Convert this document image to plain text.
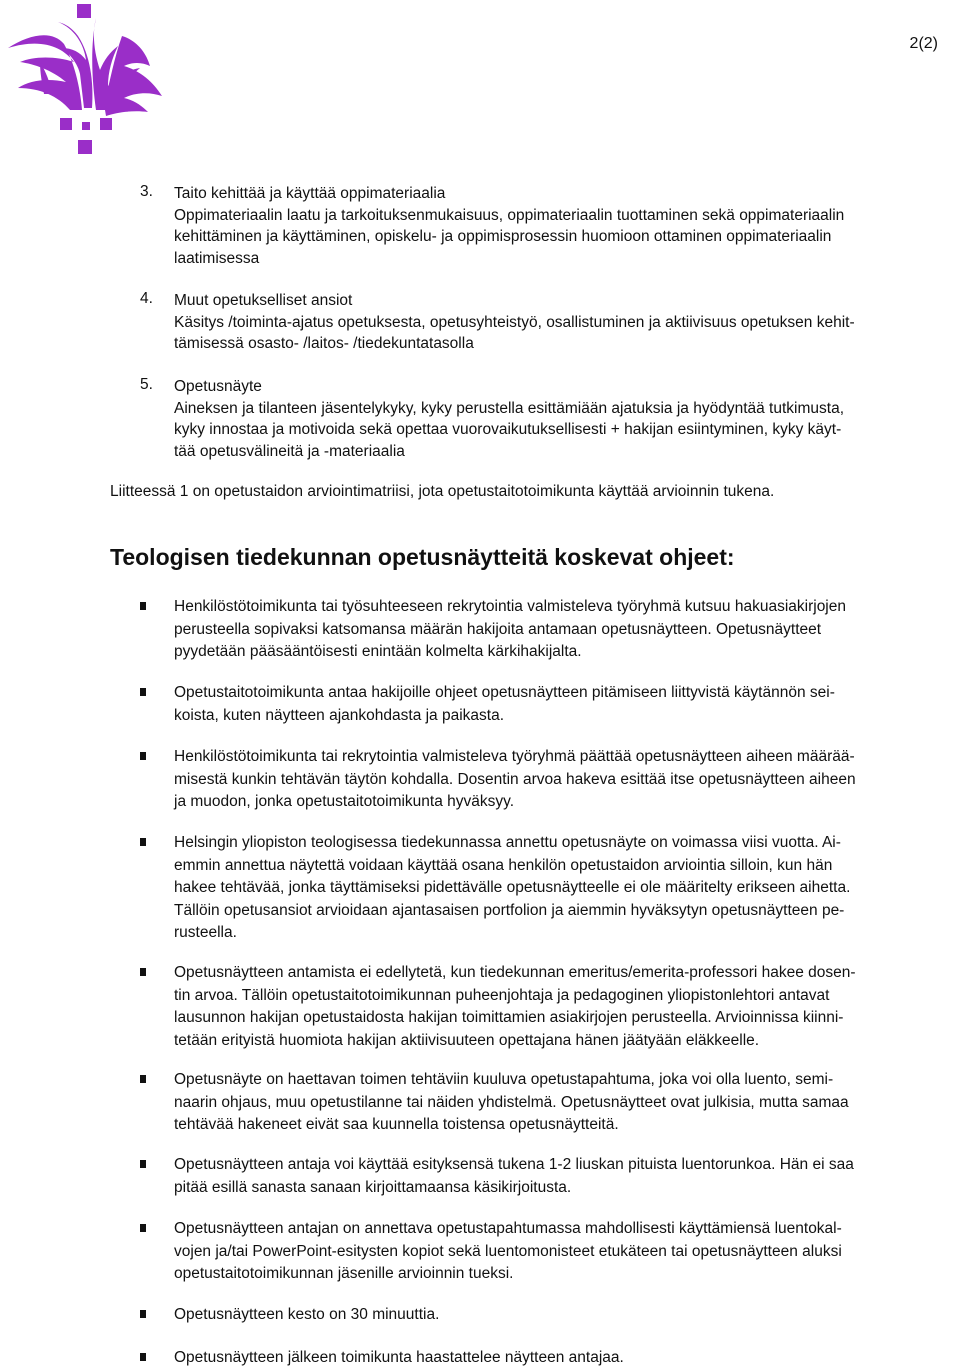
2(2)
3. Taito kehittää ja käyttää oppimateriaalia
Oppimateriaalin laatu ja tarkoituksenmukaisuus, oppimateriaalin tuottaminen sekä oppimateriaalin
kehittäminen ja käyttäminen, opiskelu- ja oppimisprosessin huomioon ottaminen oppimateriaalin
laatimisessa
4. Muut opetukselliset ansiot
Käsitys /toiminta-ajatus opetuksesta, opetusyhteistyö, osallistuminen ja aktiivisuus opetuksen kehit-
tämisessä osasto- /laitos- /tiedekuntatasolla
5. Opetusnäyte
Aineksen ja tilanteen jäsentelykyky, kyky perustella esittämiään ajatuksia ja hyödyntää tutkimusta,
kyky innostaa ja motivoida sekä opettaa vuorovaikutuksellisesti + hakijan esiintyminen, kyky käyt-
tää opetusvälineitä ja -materiaalia
Liitteessä 1 on opetustaidon arviointimatriisi, jota opetustaitotoimikunta käyttää arvioinnin tukena.
Teologisen tiedekunnan opetusnäytteitä koskevat ohjeet:
Henkilöstötoimikunta tai työsuhteeseen rekrytointia valmisteleva työryhmä kutsuu hakuasiakirjojen
perusteella sopivaksi katsomansa määrän hakijoita antamaan opetusnäytteen. Opetusnäytteet
pyydetään pääsääntöisesti enintään kolmelta kärkihakijalta.
Opetustaitotoimikunta antaa hakijoille ohjeet opetusnäytteen pitämiseen liittyvistä käytännön sei-
koista, kuten näytteen ajankohdasta ja paikasta.
Henkilöstötoimikunta tai rekrytointia valmisteleva työryhmä päättää opetusnäytteen aiheen määrää-
misestä kunkin tehtävän täytön kohdalla. Dosentin arvoa hakeva esittää itse opetusnäytteen aiheen
ja muodon, jonka opetustaitotoimikunta hyväksyy.
Helsingin yliopiston teologisessa tiedekunnassa annettu opetusnäyte on voimassa viisi vuotta. Ai-
emmin annettua näytettä voidaan käyttää osana henkilön opetustaidon arviointia silloin, kun hän
hakee tehtävää, jonka täyttämiseksi pidettävälle opetusnäytteelle ei ole määritelty erikseen aihetta.
Tällöin opetusansiot arvioidaan ajantasaisen portfolion ja aiemmin hyväksytyn opetusnäytteen pe-
rusteella.
Opetusnäytteen antamista ei edellytetä, kun tiedekunnan emeritus/emerita-professori hakee dosen-
tin arvoa. Tällöin opetustaitotoimikunnan puheenjohtaja ja pedagoginen yliopistonlehtori antavat
lausunnon hakijan opetustaidosta hakijan toimittamien asiakirjojen perusteella. Arvioinnissa kiinni-
tetään erityistä huomiota hakijan aktiivisuuteen opettajana hänen jäätyään eläkkeelle.
Opetusnäyte on haettavan toimen tehtäviin kuuluva opetustapahtuma, joka voi olla luento, semi-
naarin ohjaus, muu opetustilanne tai näiden yhdistelmä. Opetusnäytteet ovat julkisia, mutta samaa
tehtävää hakeneet eivät saa kuunnella toistensa opetusnäytteitä.
Opetusnäytteen antaja voi käyttää esityksensä tukena 1-2 liuskan pituista luentorunkoa. Hän ei saa
pitää esillä sanasta sanaan kirjoittamaansa käsikirjoitusta.
Opetusnäytteen antajan on annettava opetustapahtumassa mahdollisesti käyttämiensä luentokal-
vojen ja/tai PowerPoint-esitysten kopiot sekä luentomonisteet etukäteen tai opetusnäytteen aluksi
opetustaitotoimikunnan jäsenille arvioinnin tueksi.
Opetusnäytteen kesto on 30 minuuttia.
Opetusnäytteen jälkeen toimikunta haastattelee näytteen antajaa.
